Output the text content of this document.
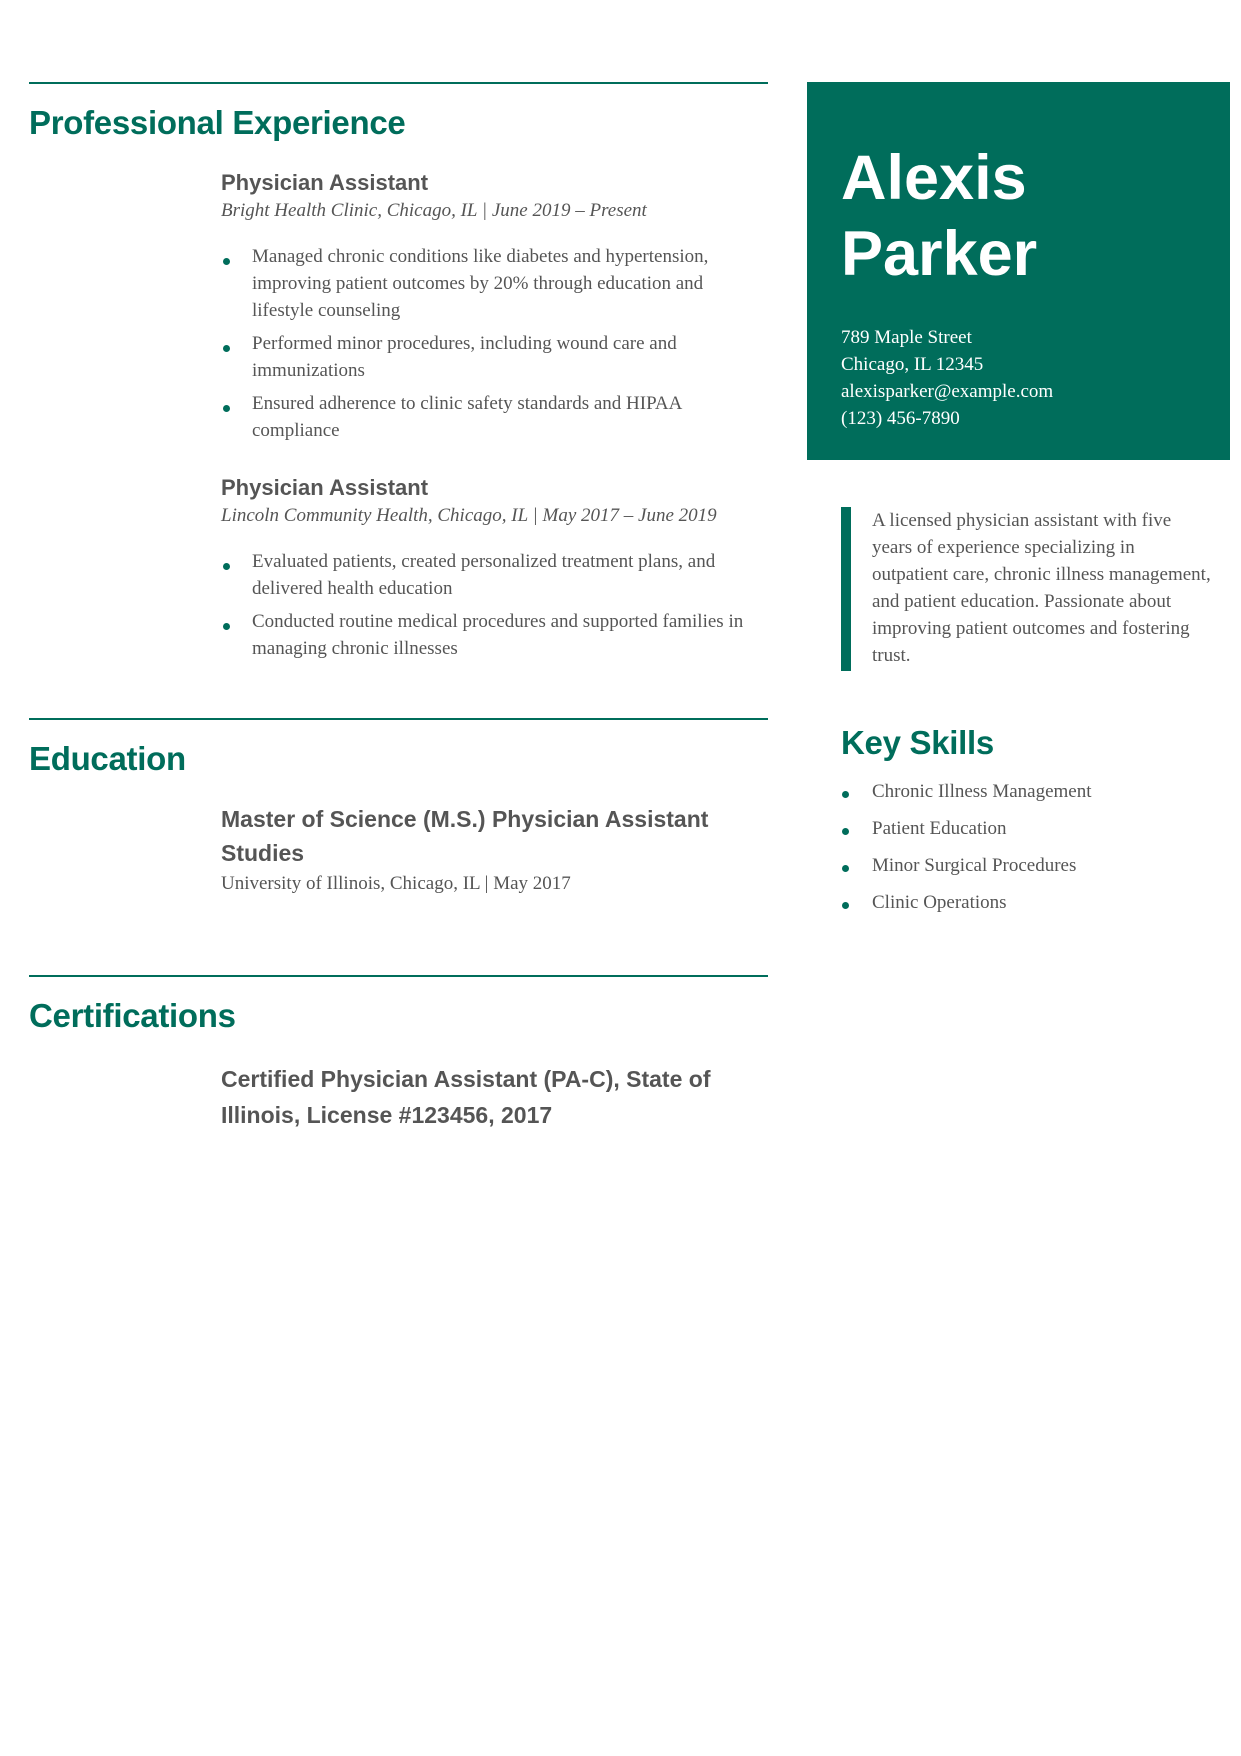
Professional Experience
Physician Assistant
Bright Health Clinic, Chicago, IL | June 2019 – Present
Managed chronic conditions like diabetes and hypertension, improving patient outcomes by 20% through education and lifestyle counseling
Performed minor procedures, including wound care and immunizations
Ensured adherence to clinic safety standards and HIPAA compliance
Physician Assistant
Lincoln Community Health, Chicago, IL | May 2017 – June 2019
Evaluated patients, created personalized treatment plans, and delivered health education
Conducted routine medical procedures and supported families in managing chronic illnesses
Education
Master of Science (M.S.) Physician Assistant Studies
University of Illinois, Chicago, IL | May 2017
Certifications
Certified Physician Assistant (PA-C), State of Illinois, License #123456, 2017
Alexis
Parker
789 Maple Street
Chicago, IL 12345
alexisparker@example.com
(123) 456-7890
A licensed physician assistant with five years of experience specializing in outpatient care, chronic illness management, and patient education. Passionate about improving patient outcomes and fostering trust.
Key Skills
Chronic Illness Management
Patient Education
Minor Surgical Procedures
Clinic Operations
